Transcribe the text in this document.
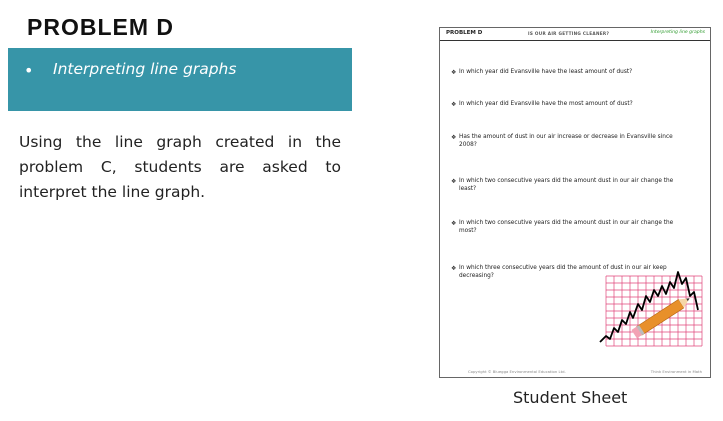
PROBLEM D
• Interpreting line graphs
Using the line graph created in the problem C, students are asked to interpret the line graph.
PROBLEM D	IS OUR AIR GETTING CLEANER?	Interpreting line graphs
❖ In which year did Evansville have the least amount of dust?
❖ In which year did Evansville have the most amount of dust?
❖ Has the amount of dust in our air increase or decrease in Evansville since 2008?
❖ In which two consecutive years did the amount dust in our air change the least?
❖ In which two consecutive years did the amount dust in our air change the most?
❖ In which three consecutive years did the amount of dust in our air keep decreasing?
Copyright © Bluegga Environmental Education Ltd.	Think Environment in Math
Student Sheet
